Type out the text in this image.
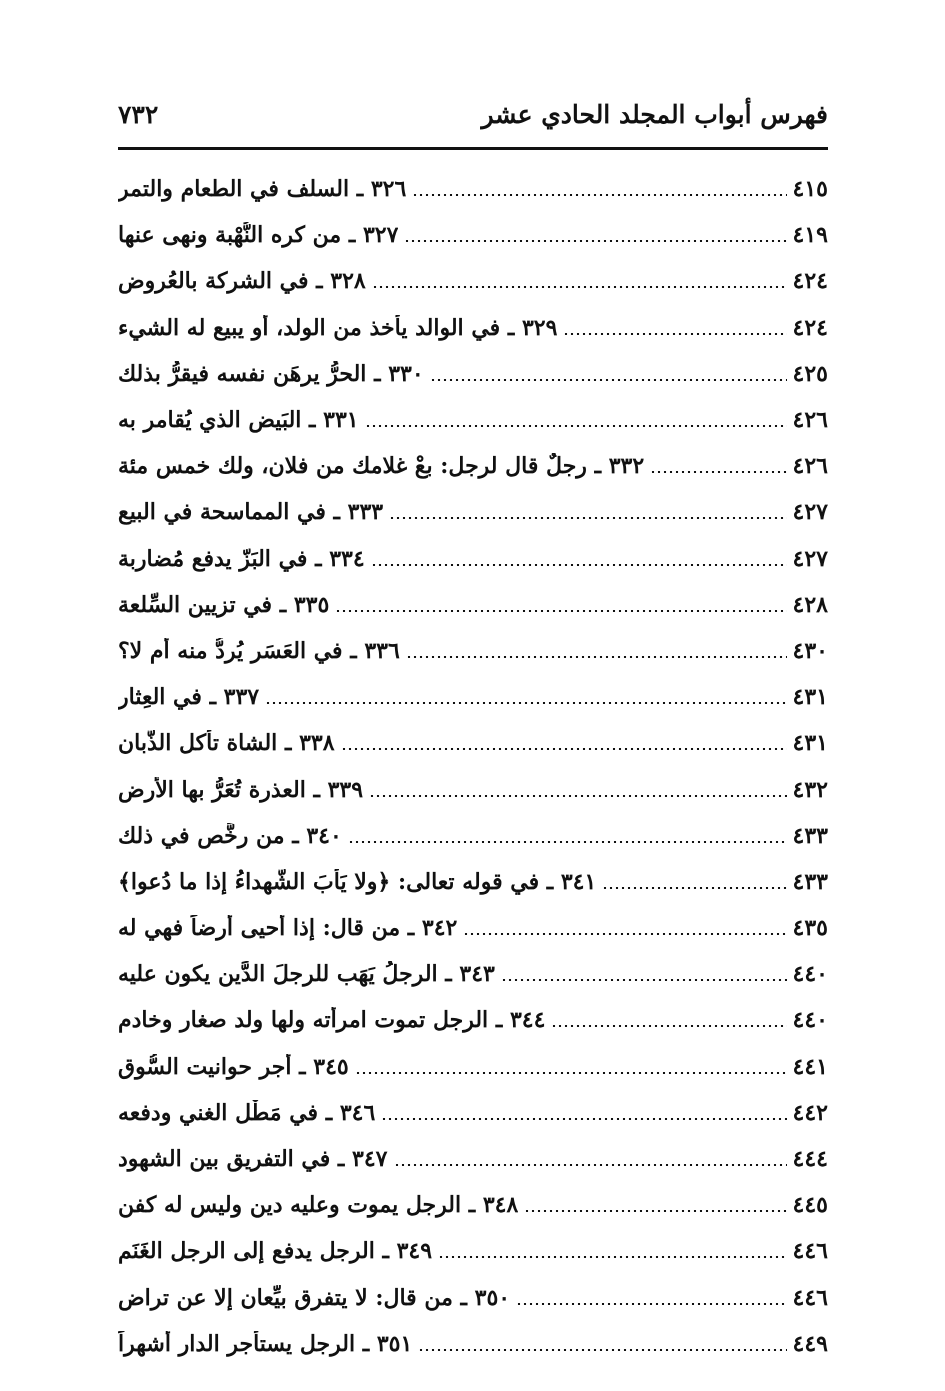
فهرس أبواب المجلد الحادي عشر
٧٣٢
٣٢٦ ـ السلف في الطعام والتمر	٤١٥
٣٢٧ ـ من كره النُّهْبة ونهى عنها	٤١٩
٣٢٨ ـ في الشركة بالعُروض	٤٢٤
٣٢٩ ـ في الوالد يأخذ من الولد، أو يبيع له الشيء	٤٢٤
٣٣٠ ـ الحرُّ يرهَن نفسه فيقرُّ بذلك	٤٢٥
٣٣١ ـ البَيض الذي يُقامر به	٤٢٦
٣٣٢ ـ رجلٌ قال لرجل: بعْ غلامك من فلان، ولك خمس مئة	٤٢٦
٣٣٣ ـ في المماسحة في البيع	٤٢٧
٣٣٤ ـ في البَزّ يدفع مُضاربة	٤٢٧
٣٣٥ ـ في تزيين السِّلعة	٤٢٨
٣٣٦ ـ في العَسَر يُردُّ منه أم لا؟	٤٣٠
٣٣٧ ـ في العِثار	٤٣١
٣٣٨ ـ الشاة تأكل الذُّبان	٤٣١
٣٣٩ ـ العذرة تُعَرُّ بها الأرض	٤٣٢
٣٤٠ ـ من رخَّص في ذلك	٤٣٣
٣٤١ ـ في قوله تعالى: ﴿ولا يَأْبَ الشُّهداءُ إذا ما دُعوا﴾	٤٣٣
٣٤٢ ـ من قال: إذا أحيى أرضاً فهي له	٤٣٥
٣٤٣ ـ الرجلُ يَهَب للرجلَ الدَّين يكون عليه	٤٤٠
٣٤٤ ـ الرجل تموت امرأته ولها ولد صغار وخادم	٤٤٠
٣٤٥ ـ أجر حوانيت السُّوق	٤٤١
٣٤٦ ـ في مَطْل الغني ودفعه	٤٤٢
٣٤٧ ـ في التفريق بين الشهود	٤٤٤
٣٤٨ ـ الرجل يموت وعليه دين وليس له كفن	٤٤٥
٣٤٩ ـ الرجل يدفع إلى الرجل الغَنَم	٤٤٦
٣٥٠ ـ من قال: لا يتفرق بيِّعان إلا عن تراضٍ	٤٤٦
٣٥١ ـ الرجل يستأجر الدار أشهراً	٤٤٩
